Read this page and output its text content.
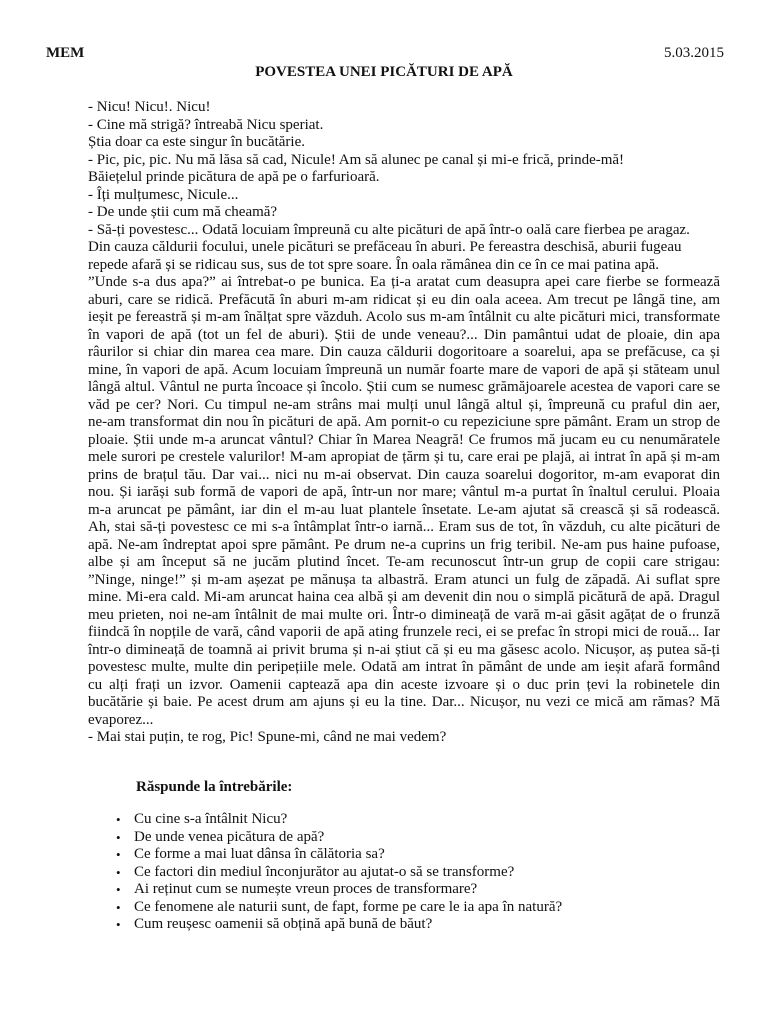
MEM	5.03.2015
POVESTEA UNEI PICĂTURI DE APĂ

- Nicu! Nicu!. Nicu!

- Cine mă strigă? întreabă Nicu speriat.

Știa doar ca este singur în bucătărie.

- Pic, pic, pic. Nu mă lăsa să cad, Nicule! Am să alunec pe canal și mi-e frică, prinde-mă!

Băiețelul prinde picătura de apă pe o farfurioară.

- Îți mulțumesc, Nicule...

- De unde știi cum mă cheamă?

- Să-ți povestesc... Odată locuiam împreună cu alte picături de apă într-o oală care fierbea pe aragaz.

Din cauza căldurii focului, unele picături se prefăceau în aburi. Pe fereastra deschisă, aburii fugeau

repede afară și se ridicau sus, sus de tot spre soare. În oala rămânea din ce în ce mai patina apă.

”Unde s-a dus apa?” ai întrebat-o pe bunica. Ea ți-a aratat cum deasupra apei care fierbe se formează

aburi, care se ridică. Prefăcută în aburi m-am ridicat și eu din oala aceea. Am trecut pe lângă tine, am

ieșit pe fereastră și m-am înălțat spre văzduh. Acolo sus m-am întâlnit cu alte picături mici, transformate

în vapori de apă (tot un fel de aburi). Știi de unde veneau?... Din pamântui udat de ploaie, din apa

râurilor si chiar din marea cea mare. Din cauza căldurii dogoritoare a soarelui, apa se prefăcuse, ca și

mine, în vapori de apă. Acum locuiam împreună un număr foarte mare de vapori de apă și stăteam unul

lângă altul. Vântul ne purta încoace și încolo. Știi cum se numesc grămăjoarele acestea de vapori care se

văd pe cer? Nori. Cu timpul ne-am strâns mai mulți unul lângă altul și, împreună cu praful din aer,

ne-am transformat din nou în picături de apă. Am pornit-o cu repeziciune spre pământ. Eram un strop de

ploaie. Știi unde m-a aruncat vântul? Chiar în Marea Neagră! Ce frumos mă jucam eu cu nenumăratele

mele surori pe crestele valurilor! M-am apropiat de țărm și tu, care erai pe plajă, ai intrat în apă și m-am

prins de brațul tău. Dar vai... nici nu m-ai observat. Din cauza soarelui dogoritor, m-am evaporat din

nou. Și iarăși sub formă de vapori de apă, într-un nor mare; vântul m-a purtat în înaltul cerului. Ploaia

m-a aruncat pe pământ, iar din el m-au luat plantele însetate. Le-am ajutat să crească și să rodească.

Ah, stai să-ți povestesc ce mi s-a întâmplat într-o iarnă... Eram sus de tot, în văzduh, cu alte picături de

apă. Ne-am îndreptat apoi spre pământ. Pe drum ne-a cuprins un frig teribil. Ne-am pus haine pufoase,

albe și am început să ne jucăm plutind încet. Te-am recunoscut într-un grup de copii care strigau:

”Ninge, ninge!” și m-am așezat pe mănușa ta albastră. Eram atunci un fulg de zăpadă. Ai suflat spre

mine. Mi-era cald. Mi-am aruncat haina cea albă și am devenit din nou o simplă picătură de apă. Dragul

meu prieten, noi ne-am întâlnit de mai multe ori. Într-o dimineață de vară m-ai găsit agățat de o frunză

fiindcă în nopțile de vară, când vaporii de apă ating frunzele reci, ei se prefac în stropi mici de rouă... Iar

într-o dimineață de toamnă ai privit bruma și n-ai știut că și eu ma găsesc acolo. Nicușor, aș putea să-ți

povestesc multe, multe din peripețiile mele. Odată am intrat în pământ de unde am ieșit afară formând

cu alți frați un izvor. Oamenii captează apa din aceste izvoare și o duc prin țevi la robinetele din

bucătărie și baie. Pe acest drum am ajuns și eu la tine. Dar... Nicușor, nu vezi ce mică am rămas? Mă

evaporez...

- Mai stai puțin, te rog, Pic! Spune-mi, când ne mai vedem?

Răspunde la întrebările:
• Cu cine s-a întâlnit Nicu?
• De unde venea picătura de apă?
• Ce forme a mai luat dânsa în călătoria sa?
• Ce factori din mediul înconjurător au ajutat-o să se transforme?
• Ai reținut cum se numește vreun proces de transformare?
• Ce fenomene ale naturii sunt, de fapt, forme pe care le ia apa în natură?
• Cum reușesc oamenii să obțină apă bună de băut?
